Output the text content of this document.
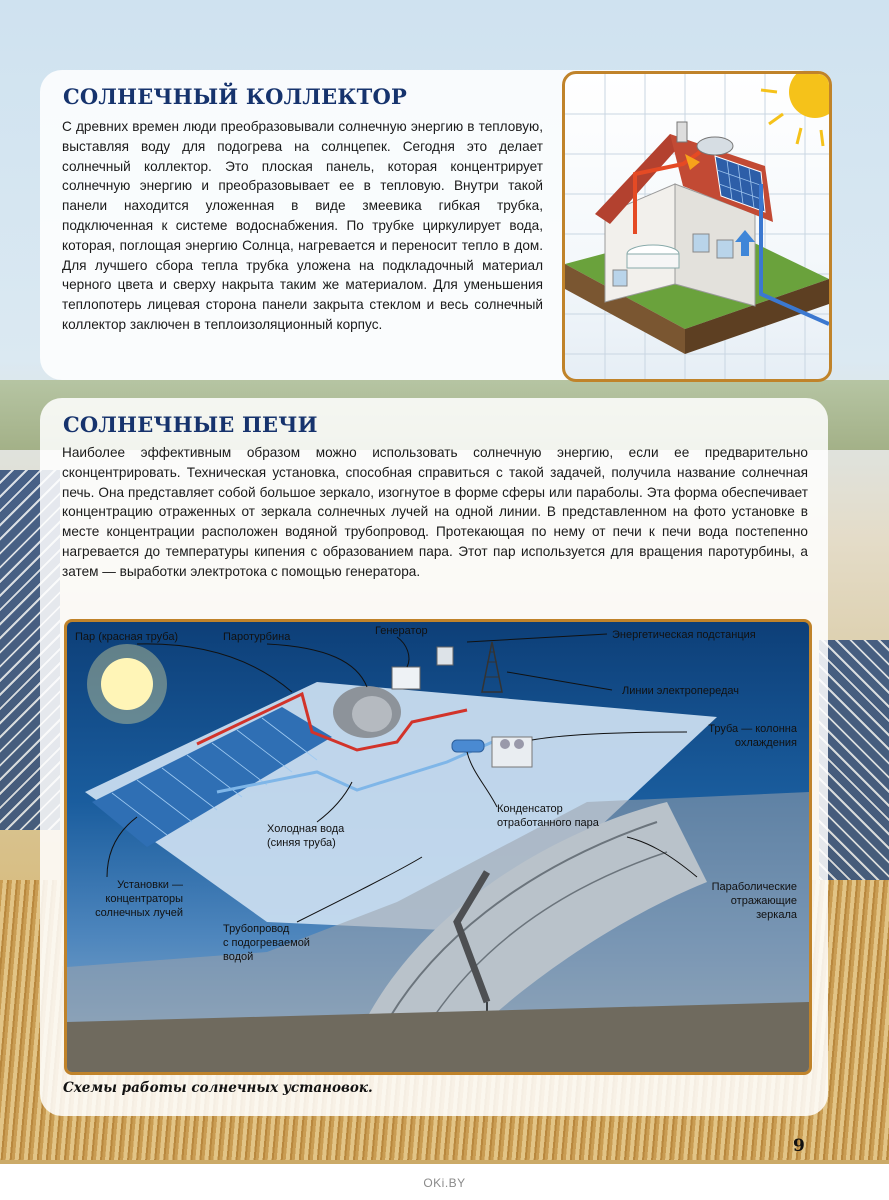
СОЛНЕЧНЫЙ КОЛЛЕКТОР
С древних времен люди преобразовывали солнечную энергию в тепловую, выставляя воду для подогрева на солнцепек. Сегодня это делает солнечный коллектор. Это плоская панель, которая концентрирует солнечную энергию и преобразовывает ее в тепловую. Внутри такой панели находится уложенная в виде змеевика гибкая трубка, подключенная к системе водоснабжения. По трубке циркулирует вода, которая, поглощая энергию Солнца, нагревается и переносит тепло в дом. Для лучшего сбора тепла трубка уложена на подкладочный материал черного цвета и сверху накрыта таким же материалом. Для уменьшения теплопотерь лицевая сторона панели закрыта стеклом и весь солнечный коллектор заключен в теплоизоляционный корпус.
СОЛНЕЧНЫЕ ПЕЧИ
Наиболее эффективным образом можно использовать солнечную энергию, если ее предварительно сконцентрировать. Техническая установка, способная справиться с такой задачей, получила название солнечная печь. Она представляет собой большое зеркало, изогнутое в форме сферы или параболы. Эта форма обеспечивает концентрацию отраженных от зеркала солнечных лучей на одной линии. В представленном на фото установке в месте концентрации расположен водяной трубопровод. Протекающая по нему от печи к печи вода постепенно нагревается до температуры кипения с образованием пара. Этот пар используется для вращения паротурбины, а затем — выработки электротока с помощью генератора.
Пар (красная труба)	Паротурбина	Генератор	Энергетическая подстанция
Линии электропередач
Труба — колонна
охлаждения
Конденсатор
отработанного пара
Холодная вода
(синяя труба)
Установки —
концентраторы
солнечных лучей
Трубопровод
с подогреваемой
водой
Параболические
отражающие
зеркала
Схемы работы солнечных установок.
9
OKi.BY
